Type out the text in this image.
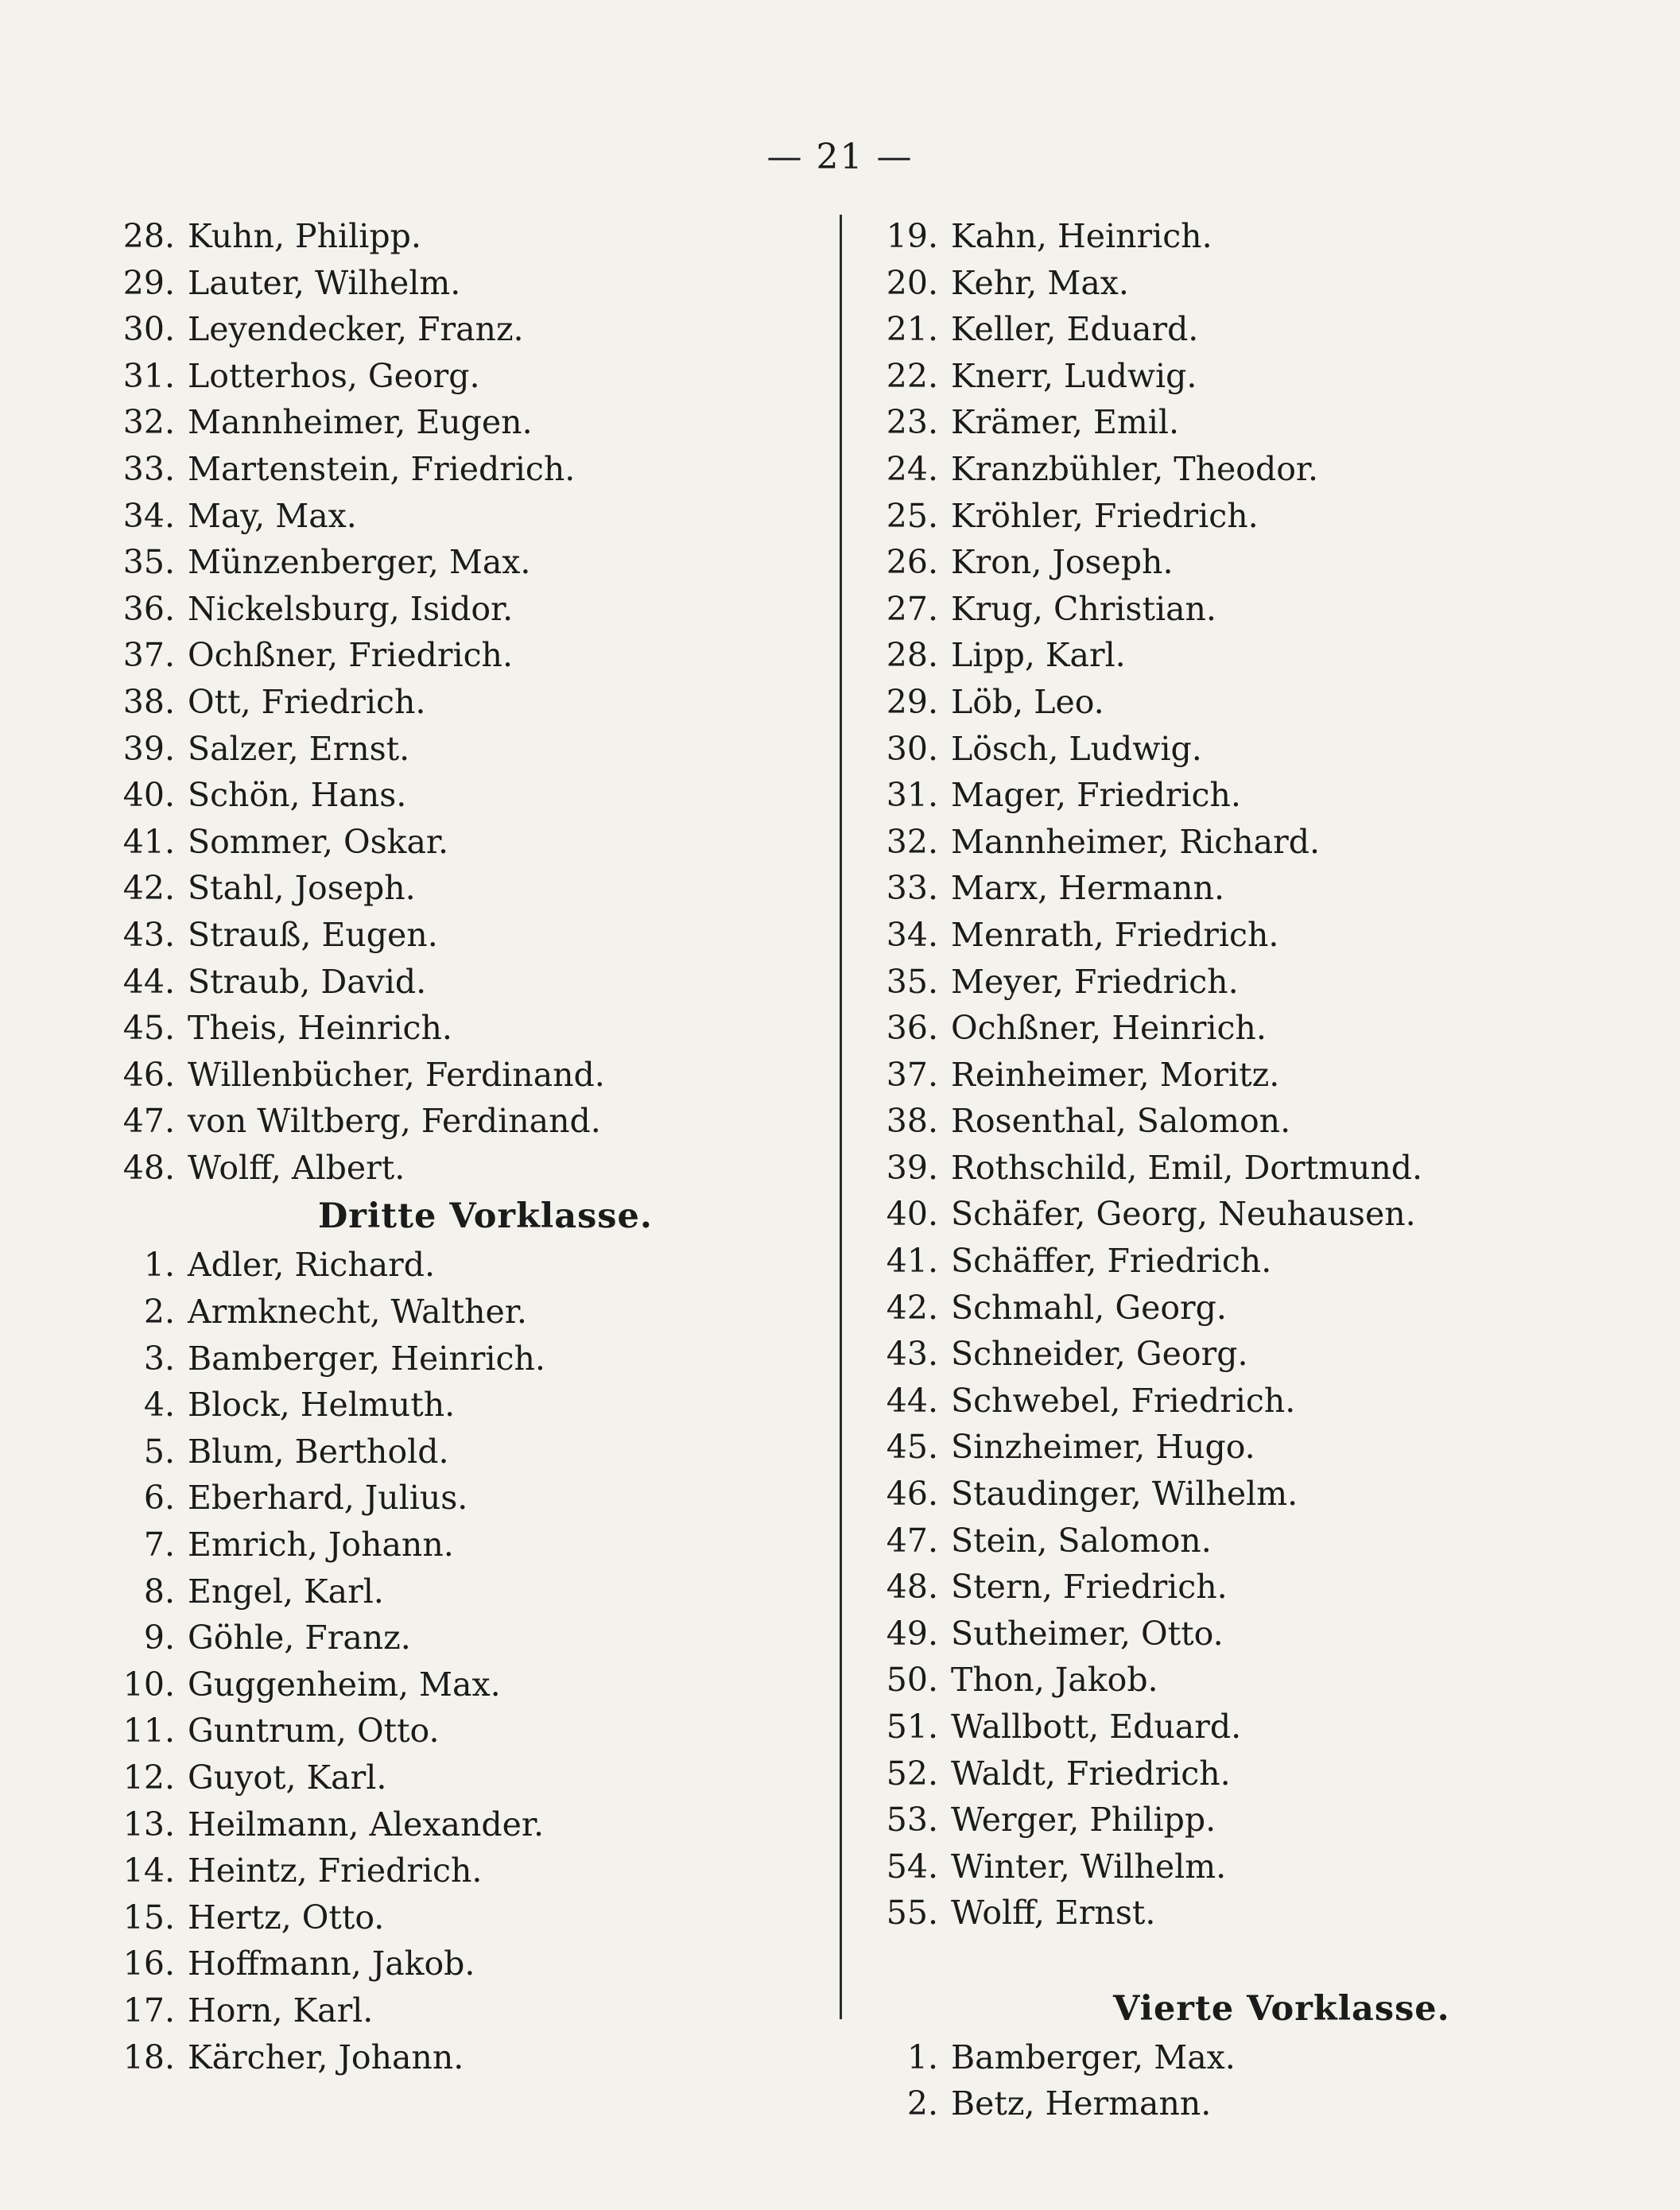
— 21 —
28. Kuhn, Philipp.
29. Lauter, Wilhelm.
30. Leyendecker, Franz.
31. Lotterhos, Georg.
32. Mannheimer, Eugen.
33. Martenstein, Friedrich.
34. May, Max.
35. Münzenberger, Max.
36. Nickelsburg, Isidor.
37. Ochßner, Friedrich.
38. Ott, Friedrich.
39. Salzer, Ernst.
40. Schön, Hans.
41. Sommer, Oskar.
42. Stahl, Joseph.
43. Strauß, Eugen.
44. Straub, David.
45. Theis, Heinrich.
46. Willenbücher, Ferdinand.
47. von Wiltberg, Ferdinand.
48. Wolff, Albert.
Dritte Vorklasse.
1. Adler, Richard.
2. Armknecht, Walther.
3. Bamberger, Heinrich.
4. Block, Helmuth.
5. Blum, Berthold.
6. Eberhard, Julius.
7. Emrich, Johann.
8. Engel, Karl.
9. Göhle, Franz.
10. Guggenheim, Max.
11. Guntrum, Otto.
12. Guyot, Karl.
13. Heilmann, Alexander.
14. Heintz, Friedrich.
15. Hertz, Otto.
16. Hoffmann, Jakob.
17. Horn, Karl.
18. Kärcher, Johann.
19. Kahn, Heinrich.
20. Kehr, Max.
21. Keller, Eduard.
22. Knerr, Ludwig.
23. Krämer, Emil.
24. Kranzbühler, Theodor.
25. Kröhler, Friedrich.
26. Kron, Joseph.
27. Krug, Christian.
28. Lipp, Karl.
29. Löb, Leo.
30. Lösch, Ludwig.
31. Mager, Friedrich.
32. Mannheimer, Richard.
33. Marx, Hermann.
34. Menrath, Friedrich.
35. Meyer, Friedrich.
36. Ochßner, Heinrich.
37. Reinheimer, Moritz.
38. Rosenthal, Salomon.
39. Rothschild, Emil, Dortmund.
40. Schäfer, Georg, Neuhausen.
41. Schäffer, Friedrich.
42. Schmahl, Georg.
43. Schneider, Georg.
44. Schwebel, Friedrich.
45. Sinzheimer, Hugo.
46. Staudinger, Wilhelm.
47. Stein, Salomon.
48. Stern, Friedrich.
49. Sutheimer, Otto.
50. Thon, Jakob.
51. Wallbott, Eduard.
52. Waldt, Friedrich.
53. Werger, Philipp.
54. Winter, Wilhelm.
55. Wolff, Ernst.
Vierte Vorklasse.
1. Bamberger, Max.
2. Betz, Hermann.
